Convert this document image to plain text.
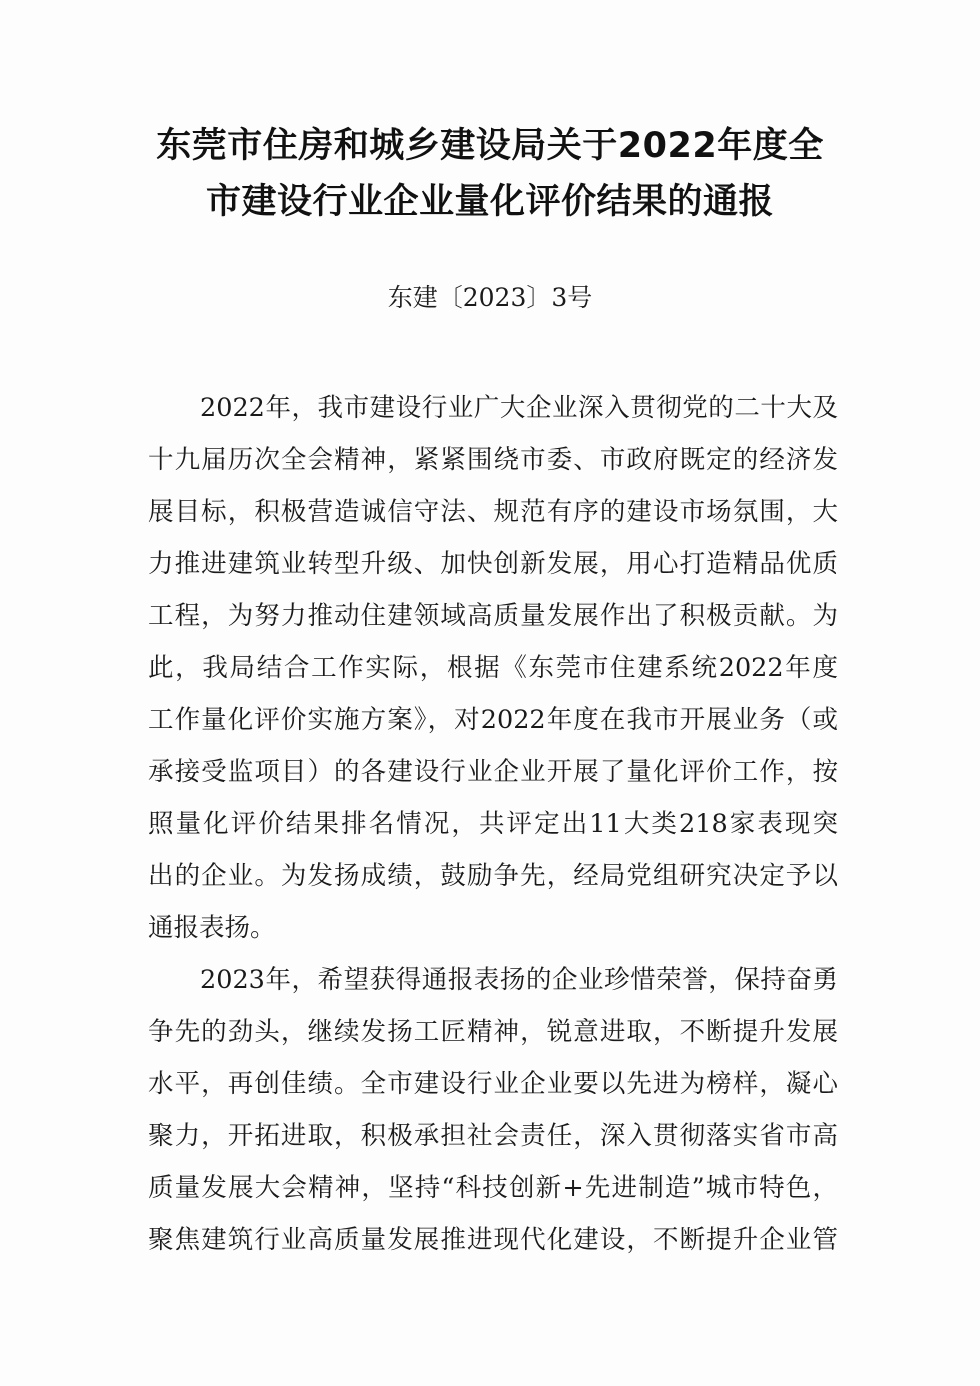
东莞市住房和城乡建设局关于2022年度全
市建设行业企业量化评价结果的通报
东建〔2023〕3号
2022年，我市建设行业广大企业深入贯彻党的二十大及
十九届历次全会精神，紧紧围绕市委、市政府既定的经济发
展目标，积极营造诚信守法、规范有序的建设市场氛围，大
力推进建筑业转型升级、加快创新发展，用心打造精品优质
工程，为努力推动住建领域高质量发展作出了积极贡献。为
此，我局结合工作实际，根据《东莞市住建系统2022年度
工作量化评价实施方案》，对2022年度在我市开展业务（或
承接受监项目）的各建设行业企业开展了量化评价工作，按
照量化评价结果排名情况，共评定出11大类218家表现突
出的企业。为发扬成绩，鼓励争先，经局党组研究决定予以
通报表扬。
2023年，希望获得通报表扬的企业珍惜荣誉，保持奋勇
争先的劲头，继续发扬工匠精神，锐意进取，不断提升发展
水平，再创佳绩。全市建设行业企业要以先进为榜样，凝心
聚力，开拓进取，积极承担社会责任，深入贯彻落实省市高
质量发展大会精神，坚持“科技创新+先进制造”城市特色，
聚焦建筑行业高质量发展推进现代化建设，不断提升企业管
